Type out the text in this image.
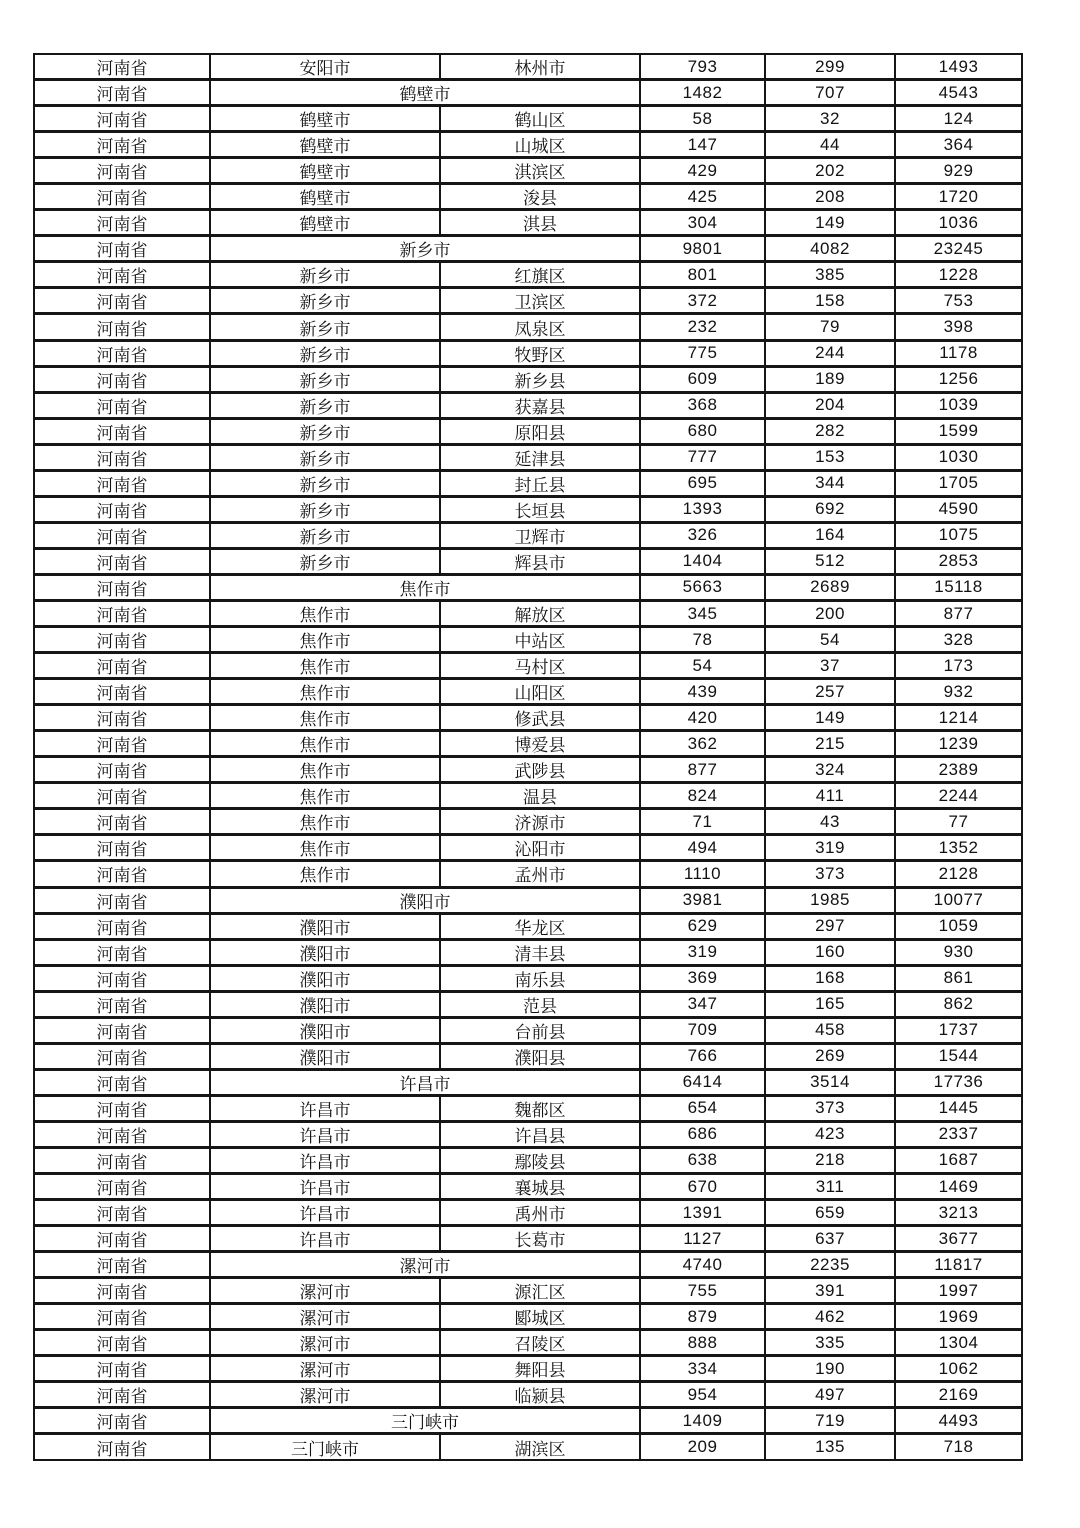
河南省	安阳市	林州市	793	299	1493
河南省	鹤壁市	1482	707	4543
河南省	鹤壁市	鹤山区	58	32	124
河南省	鹤壁市	山城区	147	44	364
河南省	鹤壁市	淇滨区	429	202	929
河南省	鹤壁市	浚县	425	208	1720
河南省	鹤壁市	淇县	304	149	1036
河南省	新乡市	9801	4082	23245
河南省	新乡市	红旗区	801	385	1228
河南省	新乡市	卫滨区	372	158	753
河南省	新乡市	凤泉区	232	79	398
河南省	新乡市	牧野区	775	244	1178
河南省	新乡市	新乡县	609	189	1256
河南省	新乡市	获嘉县	368	204	1039
河南省	新乡市	原阳县	680	282	1599
河南省	新乡市	延津县	777	153	1030
河南省	新乡市	封丘县	695	344	1705
河南省	新乡市	长垣县	1393	692	4590
河南省	新乡市	卫辉市	326	164	1075
河南省	新乡市	辉县市	1404	512	2853
河南省	焦作市	5663	2689	15118
河南省	焦作市	解放区	345	200	877
河南省	焦作市	中站区	78	54	328
河南省	焦作市	马村区	54	37	173
河南省	焦作市	山阳区	439	257	932
河南省	焦作市	修武县	420	149	1214
河南省	焦作市	博爱县	362	215	1239
河南省	焦作市	武陟县	877	324	2389
河南省	焦作市	温县	824	411	2244
河南省	焦作市	济源市	71	43	77
河南省	焦作市	沁阳市	494	319	1352
河南省	焦作市	孟州市	1110	373	2128
河南省	濮阳市	3981	1985	10077
河南省	濮阳市	华龙区	629	297	1059
河南省	濮阳市	清丰县	319	160	930
河南省	濮阳市	南乐县	369	168	861
河南省	濮阳市	范县	347	165	862
河南省	濮阳市	台前县	709	458	1737
河南省	濮阳市	濮阳县	766	269	1544
河南省	许昌市	6414	3514	17736
河南省	许昌市	魏都区	654	373	1445
河南省	许昌市	许昌县	686	423	2337
河南省	许昌市	鄢陵县	638	218	1687
河南省	许昌市	襄城县	670	311	1469
河南省	许昌市	禹州市	1391	659	3213
河南省	许昌市	长葛市	1127	637	3677
河南省	漯河市	4740	2235	11817
河南省	漯河市	源汇区	755	391	1997
河南省	漯河市	郾城区	879	462	1969
河南省	漯河市	召陵区	888	335	1304
河南省	漯河市	舞阳县	334	190	1062
河南省	漯河市	临颍县	954	497	2169
河南省	三门峡市	1409	719	4493
河南省	三门峡市	湖滨区	209	135	718
